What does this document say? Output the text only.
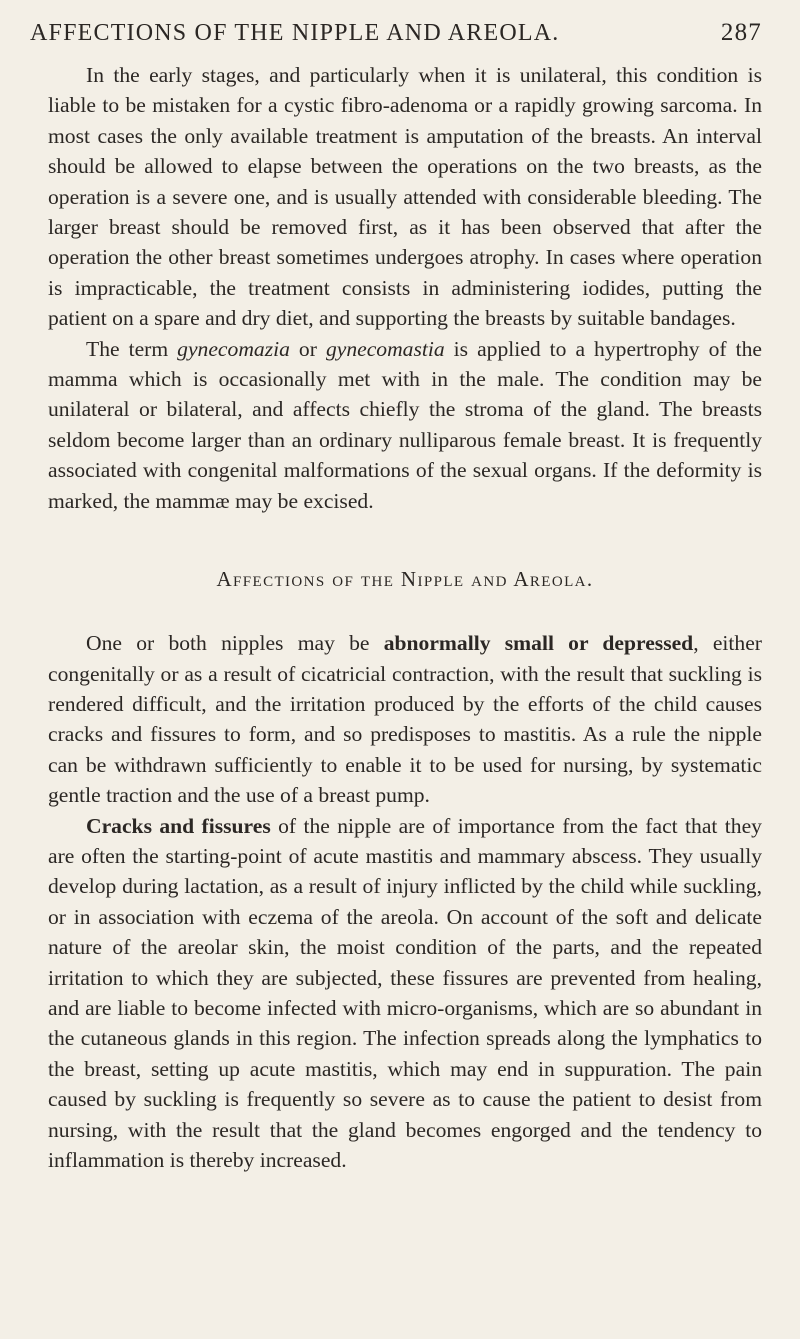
AFFECTIONS OF THE NIPPLE AND AREOLA.	287

In the early stages, and particularly when it is unilateral, this condition is liable to be mistaken for a cystic fibro-adenoma or a rapidly growing sarcoma. In most cases the only available treatment is amputation of the breasts. An interval should be allowed to elapse between the operations on the two breasts, as the operation is a severe one, and is usually attended with considerable bleeding. The larger breast should be removed first, as it has been observed that after the operation the other breast sometimes undergoes atrophy. In cases where operation is impracticable, the treatment consists in administering iodides, putting the patient on a spare and dry diet, and supporting the breasts by suitable bandages.

The term gynecomazia or gynecomastia is applied to a hypertrophy of the mamma which is occasionally met with in the male. The condition may be unilateral or bilateral, and affects chiefly the stroma of the gland. The breasts seldom become larger than an ordinary nulliparous female breast. It is frequently associated with congenital malformations of the sexual organs. If the deformity is marked, the mammæ may be excised.

Affections of the Nipple and Areola.

One or both nipples may be abnormally small or depressed, either congenitally or as a result of cicatricial contraction, with the result that suckling is rendered difficult, and the irritation produced by the efforts of the child causes cracks and fissures to form, and so predisposes to mastitis. As a rule the nipple can be withdrawn sufficiently to enable it to be used for nursing, by systematic gentle traction and the use of a breast pump.

Cracks and fissures of the nipple are of importance from the fact that they are often the starting-point of acute mastitis and mammary abscess. They usually develop during lactation, as a result of injury inflicted by the child while suckling, or in association with eczema of the areola. On account of the soft and delicate nature of the areolar skin, the moist condition of the parts, and the repeated irritation to which they are subjected, these fissures are prevented from healing, and are liable to become infected with micro-organisms, which are so abundant in the cutaneous glands in this region. The infection spreads along the lymphatics to the breast, setting up acute mastitis, which may end in suppuration. The pain caused by suckling is frequently so severe as to cause the patient to desist from nursing, with the result that the gland becomes engorged and the tendency to inflammation is thereby increased.
